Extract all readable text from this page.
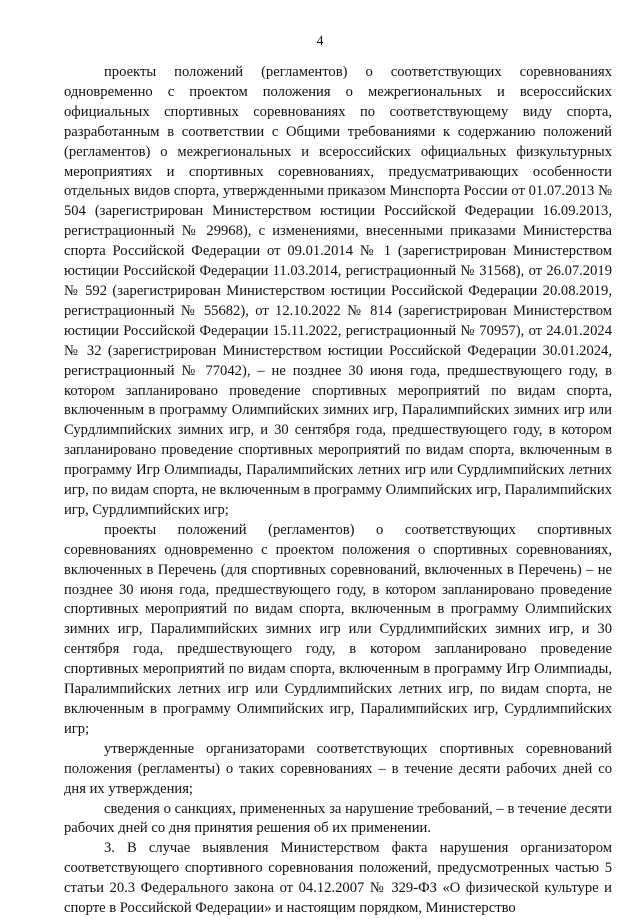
4

проекты положений (регламентов) о соответствующих соревнованиях одновременно с проектом положения о межрегиональных и всероссийских официальных спортивных соревнованиях по соответствующему виду спорта, разработанным в соответствии с Общими требованиями к содержанию положений (регламентов) о межрегиональных и всероссийских официальных физкультурных мероприятиях и спортивных соревнованиях, предусматривающих особенности отдельных видов спорта, утвержденными приказом Минспорта России от 01.07.2013 № 504 (зарегистрирован Министерством юстиции Российской Федерации 16.09.2013, регистрационный № 29968), с изменениями, внесенными приказами Министерства спорта Российской Федерации от 09.01.2014 № 1 (зарегистрирован Министерством юстиции Российской Федерации 11.03.2014, регистрационный № 31568), от 26.07.2019 № 592 (зарегистрирован Министерством юстиции Российской Федерации 20.08.2019, регистрационный № 55682), от 12.10.2022 № 814 (зарегистрирован Министерством юстиции Российской Федерации 15.11.2022, регистрационный № 70957), от 24.01.2024 № 32 (зарегистрирован Министерством юстиции Российской Федерации 30.01.2024, регистрационный № 77042), – не позднее 30 июня года, предшествующего году, в котором запланировано проведение спортивных мероприятий по видам спорта, включенным в программу Олимпийских зимних игр, Паралимпийских зимних игр или Сурдлимпийских зимних игр, и 30 сентября года, предшествующего году, в котором запланировано проведение спортивных мероприятий по видам спорта, включенным в программу Игр Олимпиады, Паралимпийских летних игр или Сурдлимпийских летних игр, по видам спорта, не включенным в программу Олимпийских игр, Паралимпийских игр, Сурдлимпийских игр;

проекты положений (регламентов) о соответствующих спортивных соревнованиях одновременно с проектом положения о спортивных соревнованиях, включенных в Перечень (для спортивных соревнований, включенных в Перечень) – не позднее 30 июня года, предшествующего году, в котором запланировано проведение спортивных мероприятий по видам спорта, включенным в программу Олимпийских зимних игр, Паралимпийских зимних игр или Сурдлимпийских зимних игр, и 30 сентября года, предшествующего году, в котором запланировано проведение спортивных мероприятий по видам спорта, включенным в программу Игр Олимпиады, Паралимпийских летних игр или Сурдлимпийских летних игр, по видам спорта, не включенным в программу Олимпийских игр, Паралимпийских игр, Сурдлимпийских игр;

утвержденные организаторами соответствующих спортивных соревнований положения (регламенты) о таких соревнованиях – в течение десяти рабочих дней со дня их утверждения;

сведения о санкциях, примененных за нарушение требований, – в течение десяти рабочих дней со дня принятия решения об их применении.

3. В случае выявления Министерством факта нарушения организатором соответствующего спортивного соревнования положений, предусмотренных частью 5 статьи 20.3 Федерального закона от 04.12.2007 № 329-ФЗ «О физической культуре и спорте в Российской Федерации» и настоящим порядком, Министерство
